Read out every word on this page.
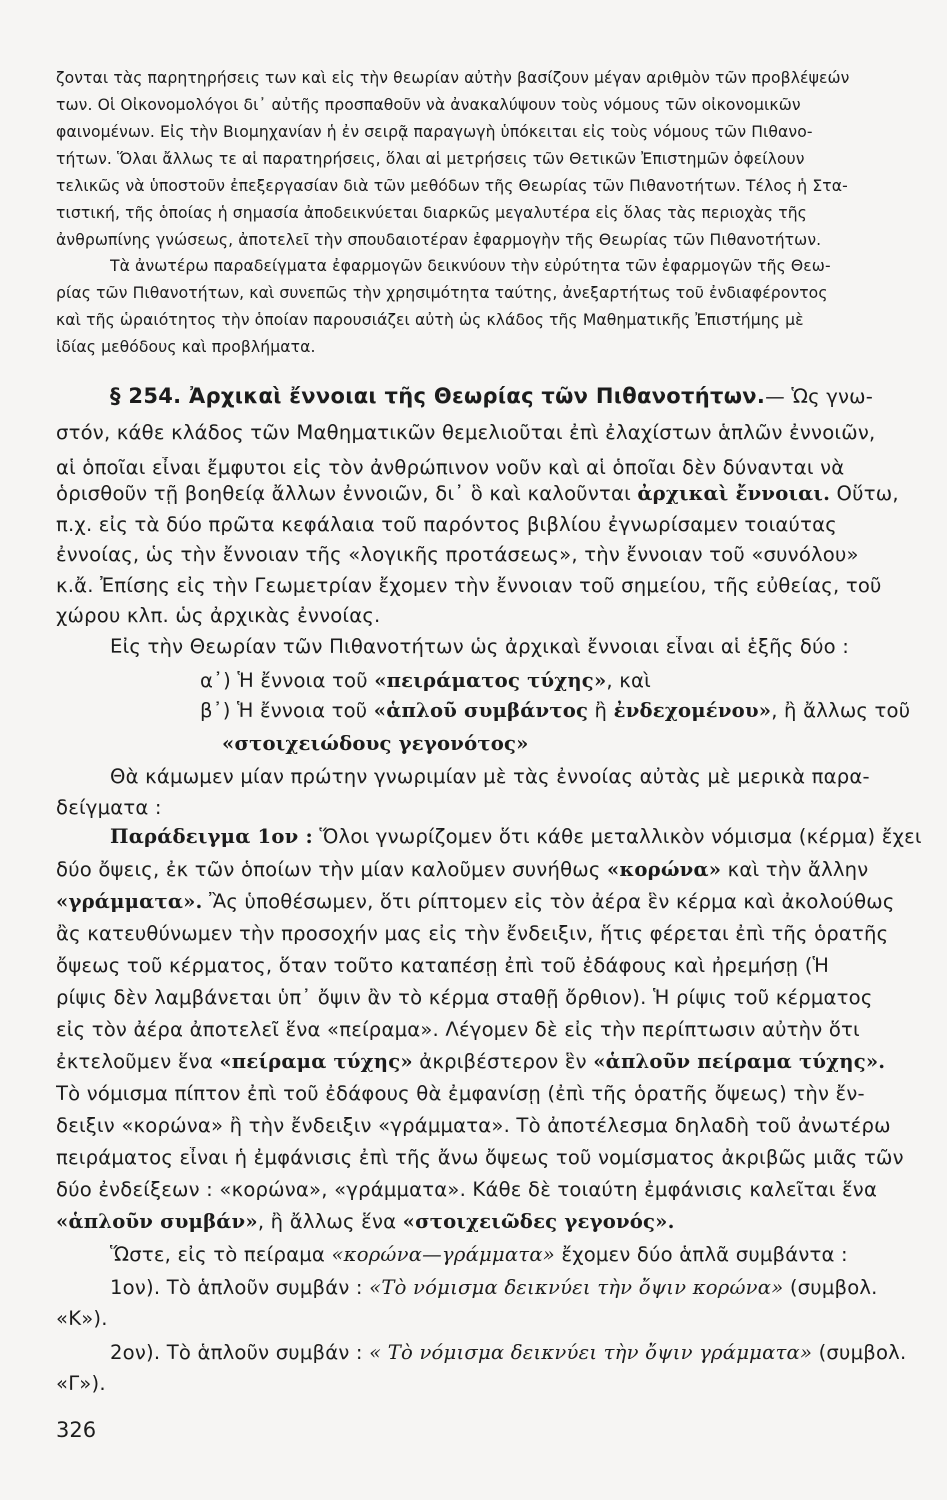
ζονται τὰς παρητηρήσεις των καὶ εἰς τὴν θεωρίαν αὐτὴν βασίζουν μέγαν αριθμὸν τῶν προβλέψεών
των. Οἱ Οἰκονομολόγοι δι᾽ αὐτῆς προσπαθοῦν νὰ ἀνακαλύψουν τοὺς νόμους τῶν οἰκονομικῶν
φαινομένων. Εἰς τὴν Βιομηχανίαν ἡ ἐν σειρᾷ παραγωγὴ ὑπόκειται εἰς τοὺς νόμους τῶν Πιθανο-
τήτων. Ὅλαι ἄλλως τε αἱ παρατηρήσεις, ὅλαι αἱ μετρήσεις τῶν Θετικῶν Ἐπιστημῶν ὀφείλουν
τελικῶς νὰ ὑποστοῦν ἐπεξεργασίαν διὰ τῶν μεθόδων τῆς Θεωρίας τῶν Πιθανοτήτων. Τέλος ἡ Στα-
τιστική, τῆς ὁποίας ἡ σημασία ἀποδεικνύεται διαρκῶς μεγαλυτέρα εἰς ὅλας τὰς περιοχὰς τῆς
ἀνθρωπίνης γνώσεως, ἀποτελεῖ τὴν σπουδαιοτέραν ἐφαρμογὴν τῆς Θεωρίας τῶν Πιθανοτήτων.
Τὰ ἀνωτέρω παραδείγματα ἐφαρμογῶν δεικνύουν τὴν εὐρύτητα τῶν ἐφαρμογῶν τῆς Θεω-
ρίας τῶν Πιθανοτήτων, καὶ συνεπῶς τὴν χρησιμότητα ταύτης, ἀνεξαρτήτως τοῦ ἐνδιαφέροντος
καὶ τῆς ὡραιότητος τὴν ὁποίαν παρουσιάζει αὐτὴ ὡς κλάδος τῆς Μαθηματικῆς Ἐπιστήμης μὲ
ἰδίας μεθόδους καὶ προβλήματα.
§ 254. Ἀρχικαὶ ἔννοιαι τῆς Θεωρίας τῶν Πιθανοτήτων.— Ὡς γνω-
στόν, κάθε κλάδος τῶν Μαθηματικῶν θεμελιοῦται ἐπὶ ἐλαχίστων ἁπλῶν ἐννοιῶν,
αἱ ὁποῖαι εἶναι ἔμφυτοι εἰς τὸν ἀνθρώπινον νοῦν καὶ αἱ ὁποῖαι δὲν δύνανται νὰ
ὁρισθοῦν τῇ βοηθείᾳ ἄλλων ἐννοιῶν, δι᾽ ὃ καὶ καλοῦνται ἀρχικαὶ ἔννοιαι. Οὕτω,
π.χ. εἰς τὰ δύο πρῶτα κεφάλαια τοῦ παρόντος βιβλίου ἐγνωρίσαμεν τοιαύτας
ἐννοίας, ὡς τὴν ἔννοιαν τῆς «λογικῆς προτάσεως», τὴν ἔννοιαν τοῦ «συνόλου»
κ.ἄ. Ἐπίσης εἰς τὴν Γεωμετρίαν ἔχομεν τὴν ἔννοιαν τοῦ σημείου, τῆς εὐθείας, τοῦ
χώρου κλπ. ὡς ἀρχικὰς ἐννοίας.
Εἰς τὴν Θεωρίαν τῶν Πιθανοτήτων ὡς ἀρχικαὶ ἔννοιαι εἶναι αἱ ἑξῆς δύο :
α᾽) Ἡ ἔννοια τοῦ «πειράματος τύχης», καὶ
β᾽) Ἡ ἔννοια τοῦ «ἁπλοῦ συμβάντος ἢ ἐνδεχομένου», ἢ ἄλλως τοῦ
«στοιχειώδους γεγονότος»
Θὰ κάμωμεν μίαν πρώτην γνωριμίαν μὲ τὰς ἐννοίας αὐτὰς μὲ μερικὰ παρα-
δείγματα :
Παράδειγμα 1ον : Ὅλοι γνωρίζομεν ὅτι κάθε μεταλλικὸν νόμισμα (κέρμα) ἔχει
δύο ὄψεις, ἐκ τῶν ὁποίων τὴν μίαν καλοῦμεν συνήθως «κορώνα» καὶ τὴν ἄλλην
«γράμματα». Ἂς ὑποθέσωμεν, ὅτι ρίπτομεν εἰς τὸν ἀέρα ἓν κέρμα καὶ ἀκολούθως
ἂς κατευθύνωμεν τὴν προσοχήν μας εἰς τὴν ἔνδειξιν, ἥτις φέρεται ἐπὶ τῆς ὁρατῆς
ὄψεως τοῦ κέρματος, ὅταν τοῦτο καταπέσῃ ἐπὶ τοῦ ἐδάφους καὶ ἠρεμήσῃ (Ἡ
ρίψις δὲν λαμβάνεται ὑπ᾽ ὄψιν ἂν τὸ κέρμα σταθῇ ὄρθιον). Ἡ ρίψις τοῦ κέρματος
εἰς τὸν ἀέρα ἀποτελεῖ ἕνα «πείραμα». Λέγομεν δὲ εἰς τὴν περίπτωσιν αὐτὴν ὅτι
ἐκτελοῦμεν ἕνα «πείραμα τύχης» ἀκριβέστερον ἓν «ἁπλοῦν πείραμα τύχης».
Τὸ νόμισμα πίπτον ἐπὶ τοῦ ἐδάφους θὰ ἐμφανίσῃ (ἐπὶ τῆς ὁρατῆς ὄψεως) τὴν ἔν-
δειξιν «κορώνα» ἢ τὴν ἔνδειξιν «γράμματα». Τὸ ἀποτέλεσμα δηλαδὴ τοῦ ἀνωτέρω
πειράματος εἶναι ἡ ἐμφάνισις ἐπὶ τῆς ἄνω ὄψεως τοῦ νομίσματος ἀκριβῶς μιᾶς τῶν
δύο ἐνδείξεων : «κορώνα», «γράμματα». Κάθε δὲ τοιαύτη ἐμφάνισις καλεῖται ἕνα
«ἁπλοῦν συμβάν», ἢ ἄλλως ἕνα «στοιχειῶδες γεγονός».
Ὥστε, εἰς τὸ πείραμα «κορώνα—γράμματα» ἔχομεν δύο ἁπλᾶ συμβάντα :
1ον). Τὸ ἁπλοῦν συμβάν : «Τὸ νόμισμα δεικνύει τὴν ὄψιν κορώνα» (συμβολ.
«Κ»).
2ον). Τὸ ἁπλοῦν συμβάν : « Τὸ νόμισμα δεικνύει τὴν ὄψιν γράμματα» (συμβολ.
«Γ»).
326
